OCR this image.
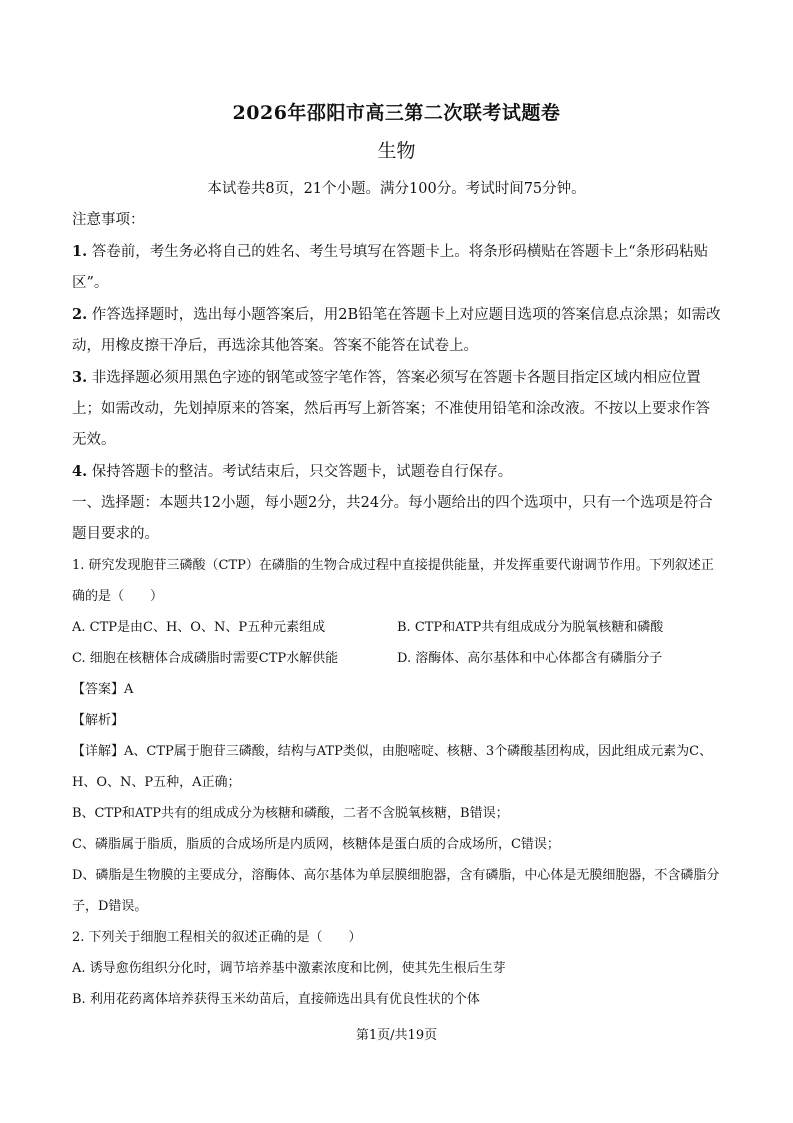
2026年邵阳市高三第二次联考试题卷
生物
本试卷共8页，21个小题。满分100分。考试时间75分钟。

注意事项：

1. 答卷前，考生务必将自己的姓名、考生号填写在答题卡上。将条形码横贴在答题卡上“条形码粘贴区”。

2. 作答选择题时，选出每小题答案后，用2B铅笔在答题卡上对应题目选项的答案信息点涂黑；如需改动，用橡皮擦干净后，再选涂其他答案。答案不能答在试卷上。

3. 非选择题必须用黑色字迹的钢笔或签字笔作答，答案必须写在答题卡各题目指定区域内相应位置上；如需改动，先划掉原来的答案，然后再写上新答案；不准使用铅笔和涂改液。不按以上要求作答无效。

4. 保持答题卡的整洁。考试结束后，只交答题卡，试题卷自行保存。

一、选择题：本题共12小题，每小题2分，共24分。每小题给出的四个选项中，只有一个选项是符合题目要求的。

1. 研究发现胞苷三磷酸（CTP）在磷脂的生物合成过程中直接提供能量，并发挥重要代谢调节作用。下列叙述正确的是（　　）

A. CTP是由C、H、O、N、P五种元素组成	B. CTP和ATP共有组成成分为脱氧核糖和磷酸
C. 细胞在核糖体合成磷脂时需要CTP水解供能	D. 溶酶体、高尔基体和中心体都含有磷脂分子

【答案】A

【解析】

【详解】A、CTP属于胞苷三磷酸，结构与ATP类似，由胞嘧啶、核糖、3个磷酸基团构成，因此组成元素为C、H、O、N、P五种，A正确；

B、CTP和ATP共有的组成成分为核糖和磷酸，二者不含脱氧核糖，B错误；

C、磷脂属于脂质，脂质的合成场所是内质网，核糖体是蛋白质的合成场所，C错误；

D、磷脂是生物膜的主要成分，溶酶体、高尔基体为单层膜细胞器，含有磷脂，中心体是无膜细胞器，不含磷脂分子，D错误。

2. 下列关于细胞工程相关的叙述正确的是（　　）

A. 诱导愈伤组织分化时，调节培养基中激素浓度和比例，使其先生根后生芽

B. 利用花药离体培养获得玉米幼苗后，直接筛选出具有优良性状的个体

第1页/共19页
